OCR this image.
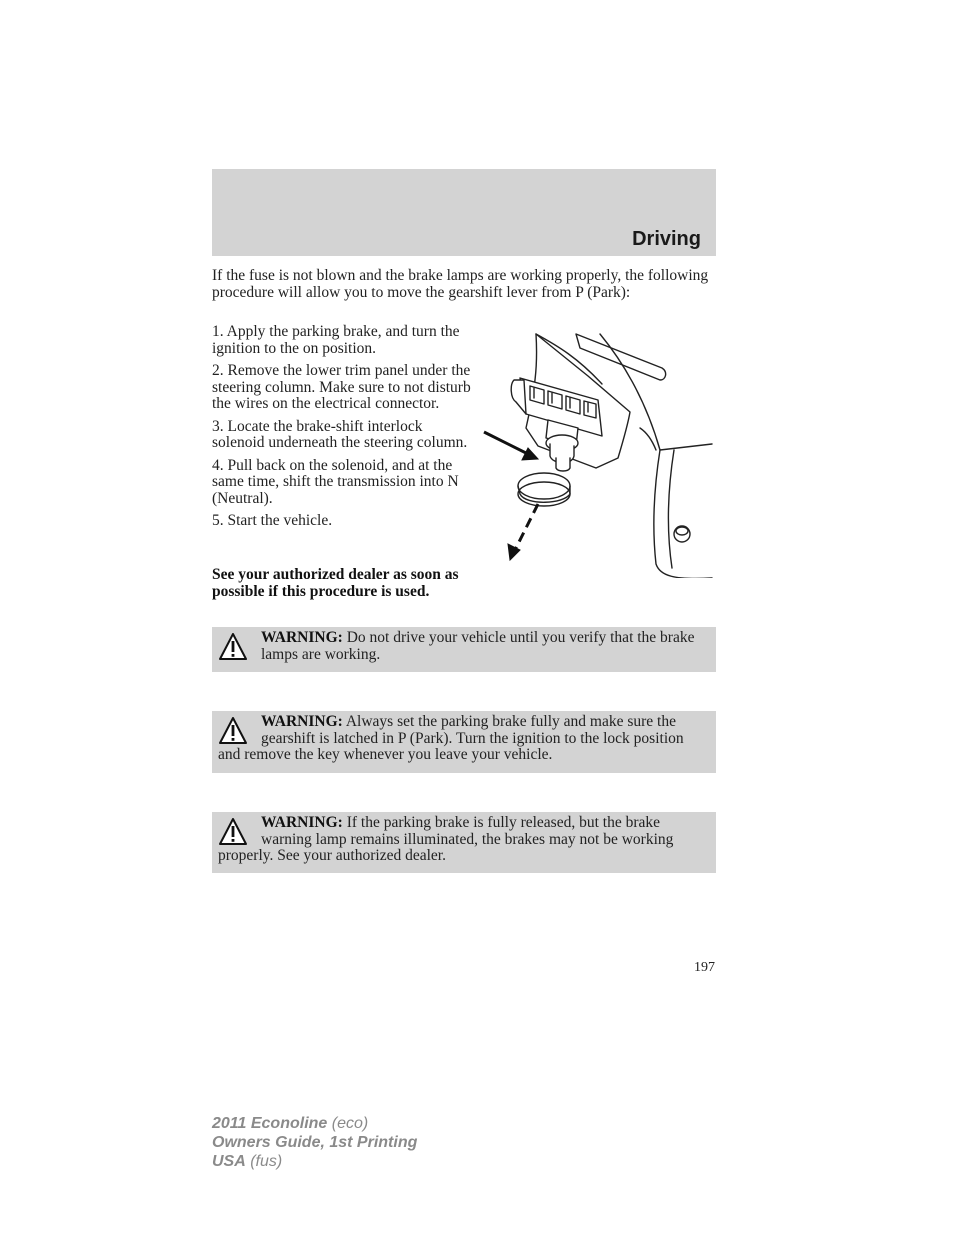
Driving

If the fuse is not blown and the brake lamps are working properly, the following procedure will allow you to move the gearshift lever from P (Park):

1. Apply the parking brake, and turn the ignition to the on position.
2. Remove the lower trim panel under the steering column. Make sure to not disturb the wires on the electrical connector.
3. Locate the brake-shift interlock solenoid underneath the steering column.
4. Pull back on the solenoid, and at the same time, shift the transmission into N (Neutral).
5. Start the vehicle.

See your authorized dealer as soon as possible if this procedure is used.

WARNING: Do not drive your vehicle until you verify that the brake lamps are working.
WARNING: Always set the parking brake fully and make sure the gearshift is latched in P (Park). Turn the ignition to the lock position and remove the key whenever you leave your vehicle.
WARNING: If the parking brake is fully released, but the brake warning lamp remains illuminated, the brakes may not be working properly. See your authorized dealer.
197
2011 Econoline (eco)
Owners Guide, 1st Printing
USA (fus)
